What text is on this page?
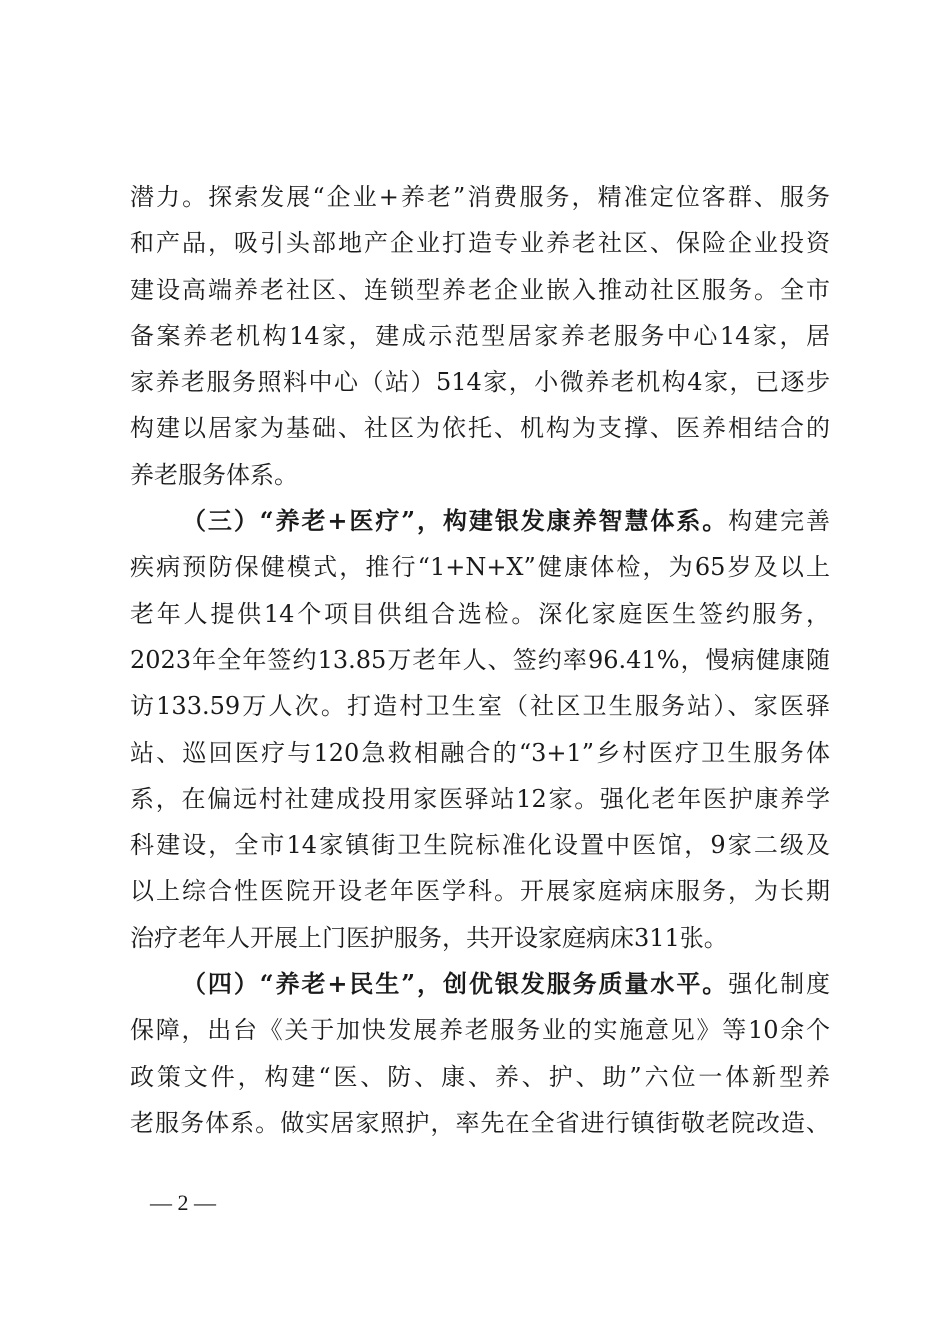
潜力。探索发展“企业+养老”消费服务，精准定位客群、服务
和产品，吸引头部地产企业打造专业养老社区、保险企业投资
建设高端养老社区、连锁型养老企业嵌入推动社区服务。全市
备案养老机构14家，建成示范型居家养老服务中心14家，居
家养老服务照料中心（站）514家，小微养老机构4家，已逐步
构建以居家为基础、社区为依托、机构为支撑、医养相结合的
养老服务体系。
（三）“养老+医疗”，构建银发康养智慧体系。构建完善
疾病预防保健模式，推行“1+N+X”健康体检，为65岁及以上
老年人提供14个项目供组合选检。深化家庭医生签约服务，
2023年全年签约13.85万老年人、签约率96.41%，慢病健康随
访133.59万人次。打造村卫生室（社区卫生服务站）、家医驿
站、巡回医疗与120急救相融合的“3+1”乡村医疗卫生服务体
系，在偏远村社建成投用家医驿站12家。强化老年医护康养学
科建设，全市14家镇街卫生院标准化设置中医馆，9家二级及
以上综合性医院开设老年医学科。开展家庭病床服务，为长期
治疗老年人开展上门医护服务，共开设家庭病床311张。
（四）“养老+民生”，创优银发服务质量水平。强化制度
保障，出台《关于加快发展养老服务业的实施意见》等10余个
政策文件，构建“医、防、康、养、护、助”六位一体新型养
老服务体系。做实居家照护，率先在全省进行镇街敬老院改造、
— 2 —
